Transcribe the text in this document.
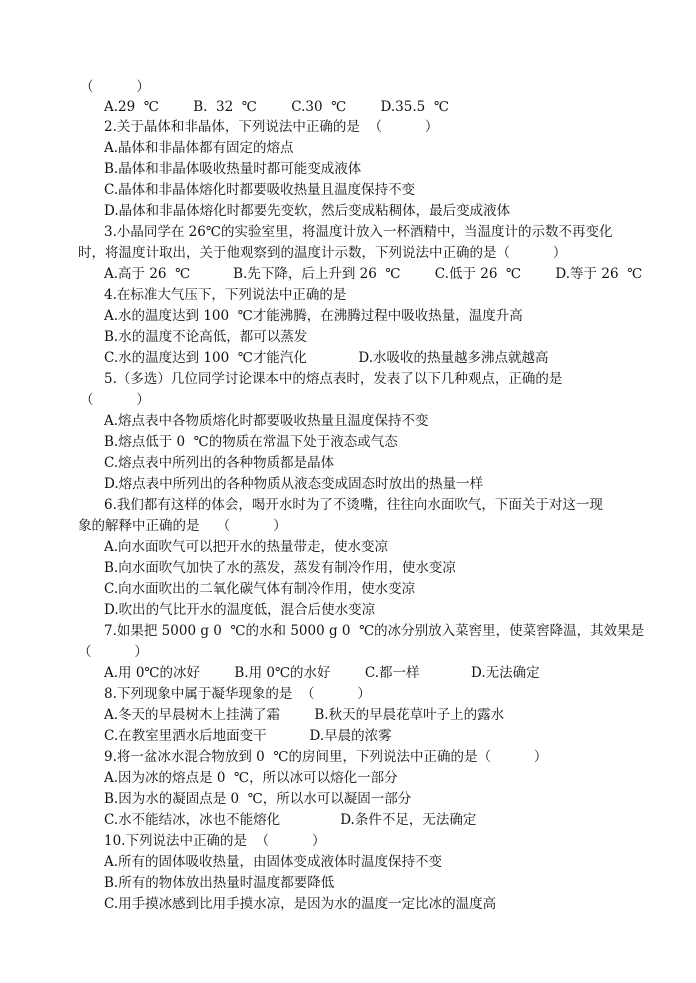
（          ）
A.29  ℃        B.  32  ℃        C.30  ℃        D.35.5  ℃
2.关于晶体和非晶体，下列说法中正确的是  （          ）
A.晶体和非晶体都有固定的熔点
B.晶体和非晶体吸收热量时都可能变成液体
C.晶体和非晶体熔化时都要吸收热量且温度保持不变
D.晶体和非晶体熔化时都要先变软，然后变成粘稠体，最后变成液体
3.小晶同学在 26℃的实验室里，将温度计放入一杯酒精中，当温度计的示数不再变化
时，将温度计取出，关于他观察到的温度计示数，下列说法中正确的是（          ）
A.高于 26  ℃          B.先下降，后上升到 26  ℃        C.低于 26  ℃        D.等于 26  ℃
4.在标准大气压下，下列说法中正确的是
A.水的温度达到 100  ℃才能沸腾，在沸腾过程中吸收热量，温度升高
B.水的温度不论高低，都可以蒸发
C.水的温度达到 100  ℃才能汽化            D.水吸收的热量越多沸点就越高
5.（多选）几位同学讨论课本中的熔点表时，发表了以下几种观点，正确的是
（          ）
A.熔点表中各物质熔化时都要吸收热量且温度保持不变
B.熔点低于 0  ℃的物质在常温下处于液态或气态
C.熔点表中所列出的各种物质都是晶体
D.熔点表中所列出的各种物质从液态变成固态时放出的热量一样
6.我们都有这样的体会，喝开水时为了不烫嘴，往往向水面吹气，下面关于对这一现
象的解释中正确的是    （          ）
A.向水面吹气可以把开水的热量带走，使水变凉
B.向水面吹气加快了水的蒸发，蒸发有制冷作用，使水变凉
C.向水面吹出的二氧化碳气体有制冷作用，使水变凉
D.吹出的气比开水的温度低，混合后使水变凉
7.如果把 5000 g 0  ℃的水和 5000 g 0  ℃的冰分别放入菜窖里，使菜窖降温，其效果是
（          ）
A.用 0℃的冰好        B.用 0℃的水好        C.都一样            D.无法确定
8.下列现象中属于凝华现象的是  （          ）
A.冬天的早晨树木上挂满了霜        B.秋天的早晨花草叶子上的露水
C.在教室里洒水后地面变干          D.早晨的浓雾
9.将一盆冰水混合物放到 0  ℃的房间里，下列说法中正确的是（          ）
A.因为冰的熔点是 0  ℃，所以冰可以熔化一部分
B.因为水的凝固点是 0  ℃，所以水可以凝固一部分
C.水不能结冰，冰也不能熔化              D.条件不足，无法确定
10.下列说法中正确的是  （          ）
A.所有的固体吸收热量，由固体变成液体时温度保持不变
B.所有的物体放出热量时温度都要降低
C.用手摸冰感到比用手摸水凉，是因为水的温度一定比冰的温度高
